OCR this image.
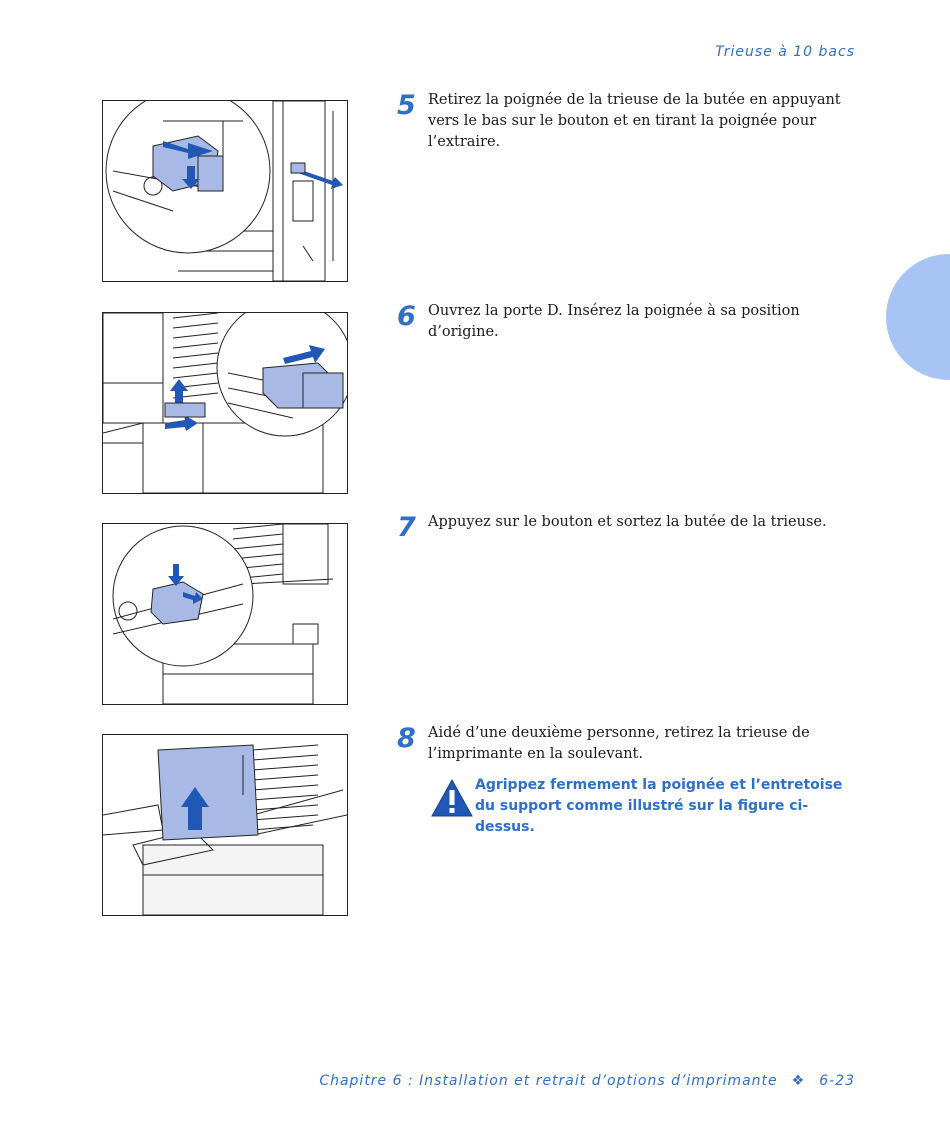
Trieuse à 10 bacs
5 Retirez la poignée de la trieuse de la butée en appuyant vers le bas sur le bouton et en tirant la poignée pour l’extraire.
6 Ouvrez la porte D. Insérez la poignée à sa position d’origine.
7 Appuyez sur le bouton et sortez la butée de la trieuse.
8 Aidé d’une deuxième personne, retirez la trieuse de l’imprimante en la soulevant.
Agrippez fermement la poignée et l’entretoise du support comme illustré sur la figure ci-dessus.
Chapitre 6 : Installation et retrait d’options d’imprimante ❖ 6-23
